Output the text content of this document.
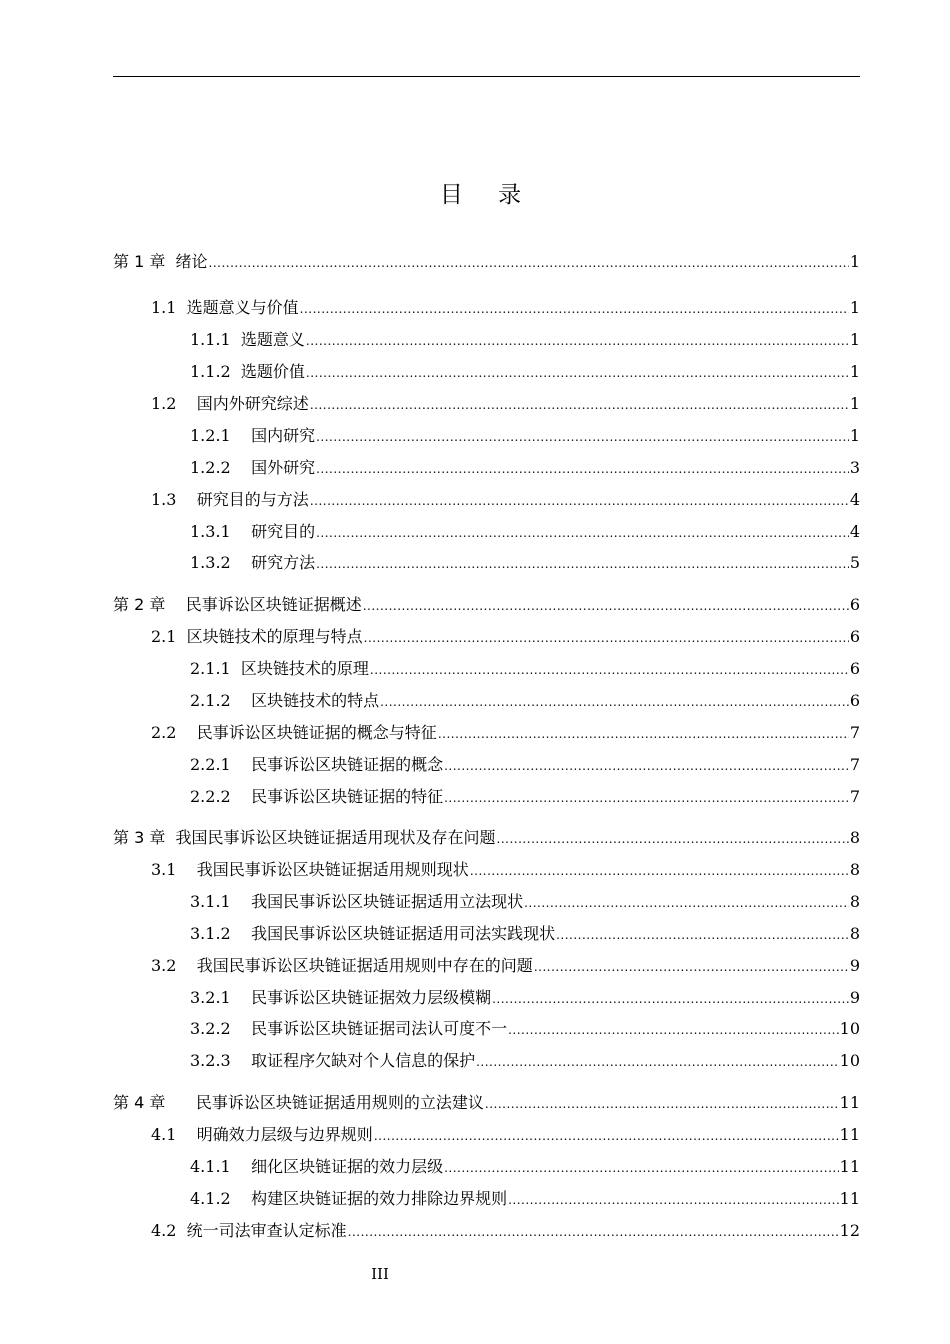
目 录
第 1 章 绪论 .....	1
1.1 选题意义与价值 .....	1
1.1.1 选题意义 .....	1
1.1.2 选题价值 .....	1
1.2 国内外研究综述 .....	1
1.2.1 国内研究 .....	1
1.2.2 国外研究 .....	3
1.3 研究目的与方法 .....	4
1.3.1 研究目的 .....	4
1.3.2 研究方法 .....	5
第 2 章 民事诉讼区块链证据概述 .....	6
2.1 区块链技术的原理与特点 .....	6
2.1.1 区块链技术的原理 .....	6
2.1.2 区块链技术的特点 .....	6
2.2 民事诉讼区块链证据的概念与特征 .....	7
2.2.1 民事诉讼区块链证据的概念 .....	7
2.2.2 民事诉讼区块链证据的特征 .....	7
第 3 章 我国民事诉讼区块链证据适用现状及存在问题 .....	8
3.1 我国民事诉讼区块链证据适用规则现状 .....	8
3.1.1 我国民事诉讼区块链证据适用立法现状 .....	8
3.1.2 我国民事诉讼区块链证据适用司法实践现状 .....	8
3.2 我国民事诉讼区块链证据适用规则中存在的问题 .....	9
3.2.1 民事诉讼区块链证据效力层级模糊 .....	9
3.2.2 民事诉讼区块链证据司法认可度不一 .....	10
3.2.3 取证程序欠缺对个人信息的保护 .....	10
第 4 章 民事诉讼区块链证据适用规则的立法建议 .....	11
4.1 明确效力层级与边界规则 .....	11
4.1.1 细化区块链证据的效力层级 .....	11
4.1.2 构建区块链证据的效力排除边界规则 .....	11
4.2 统一司法审查认定标准 .....	12
III
